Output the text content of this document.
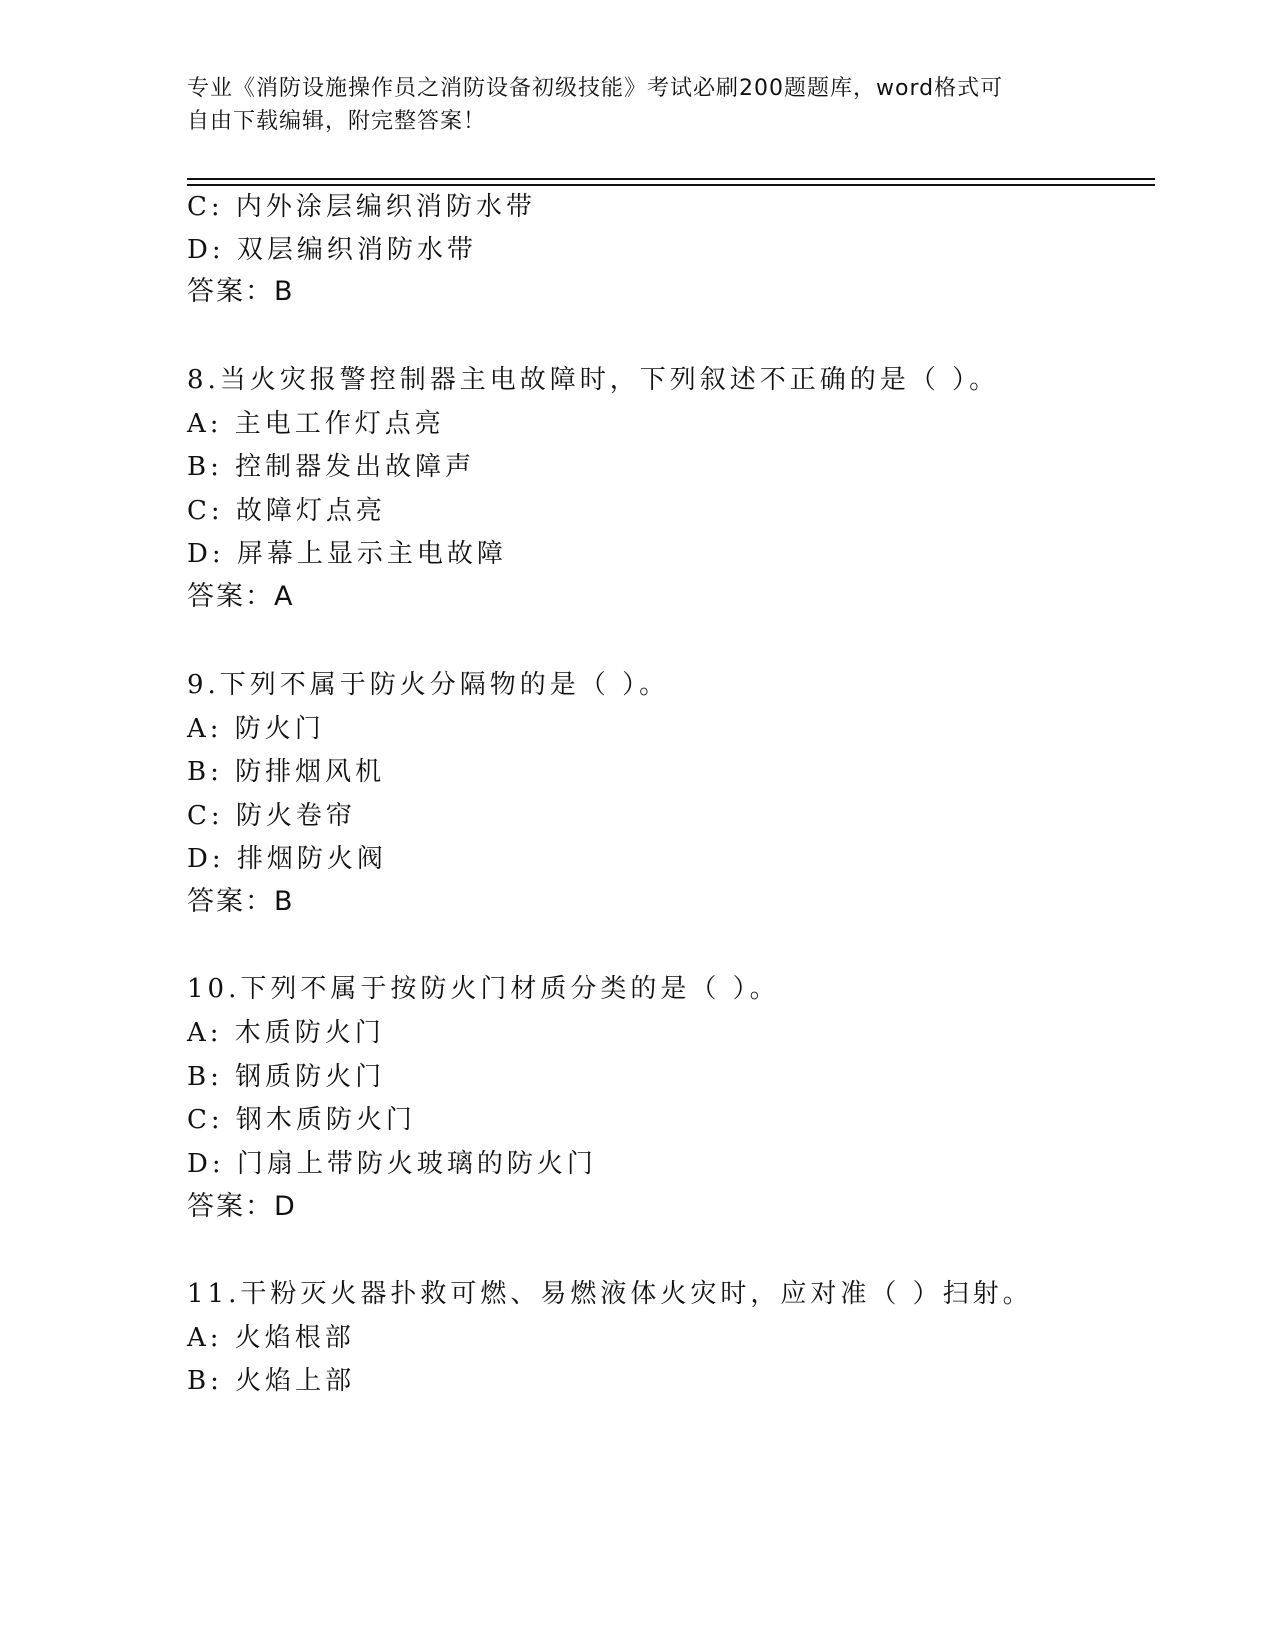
专业《消防设施操作员之消防设备初级技能》考试必刷200题题库，word格式可
自由下载编辑，附完整答案！
C: 内外涂层编织消防水带
D: 双层编织消防水带
答案：B
8.当火灾报警控制器主电故障时，下列叙述不正确的是（ ）。
A: 主电工作灯点亮
B: 控制器发出故障声
C: 故障灯点亮
D: 屏幕上显示主电故障
答案：A
9.下列不属于防火分隔物的是（ ）。
A: 防火门
B: 防排烟风机
C: 防火卷帘
D: 排烟防火阀
答案：B
10.下列不属于按防火门材质分类的是（ ）。
A: 木质防火门
B: 钢质防火门
C: 钢木质防火门
D: 门扇上带防火玻璃的防火门
答案：D
11.干粉灭火器扑救可燃、易燃液体火灾时，应对准（ ）扫射。
A: 火焰根部
B: 火焰上部
